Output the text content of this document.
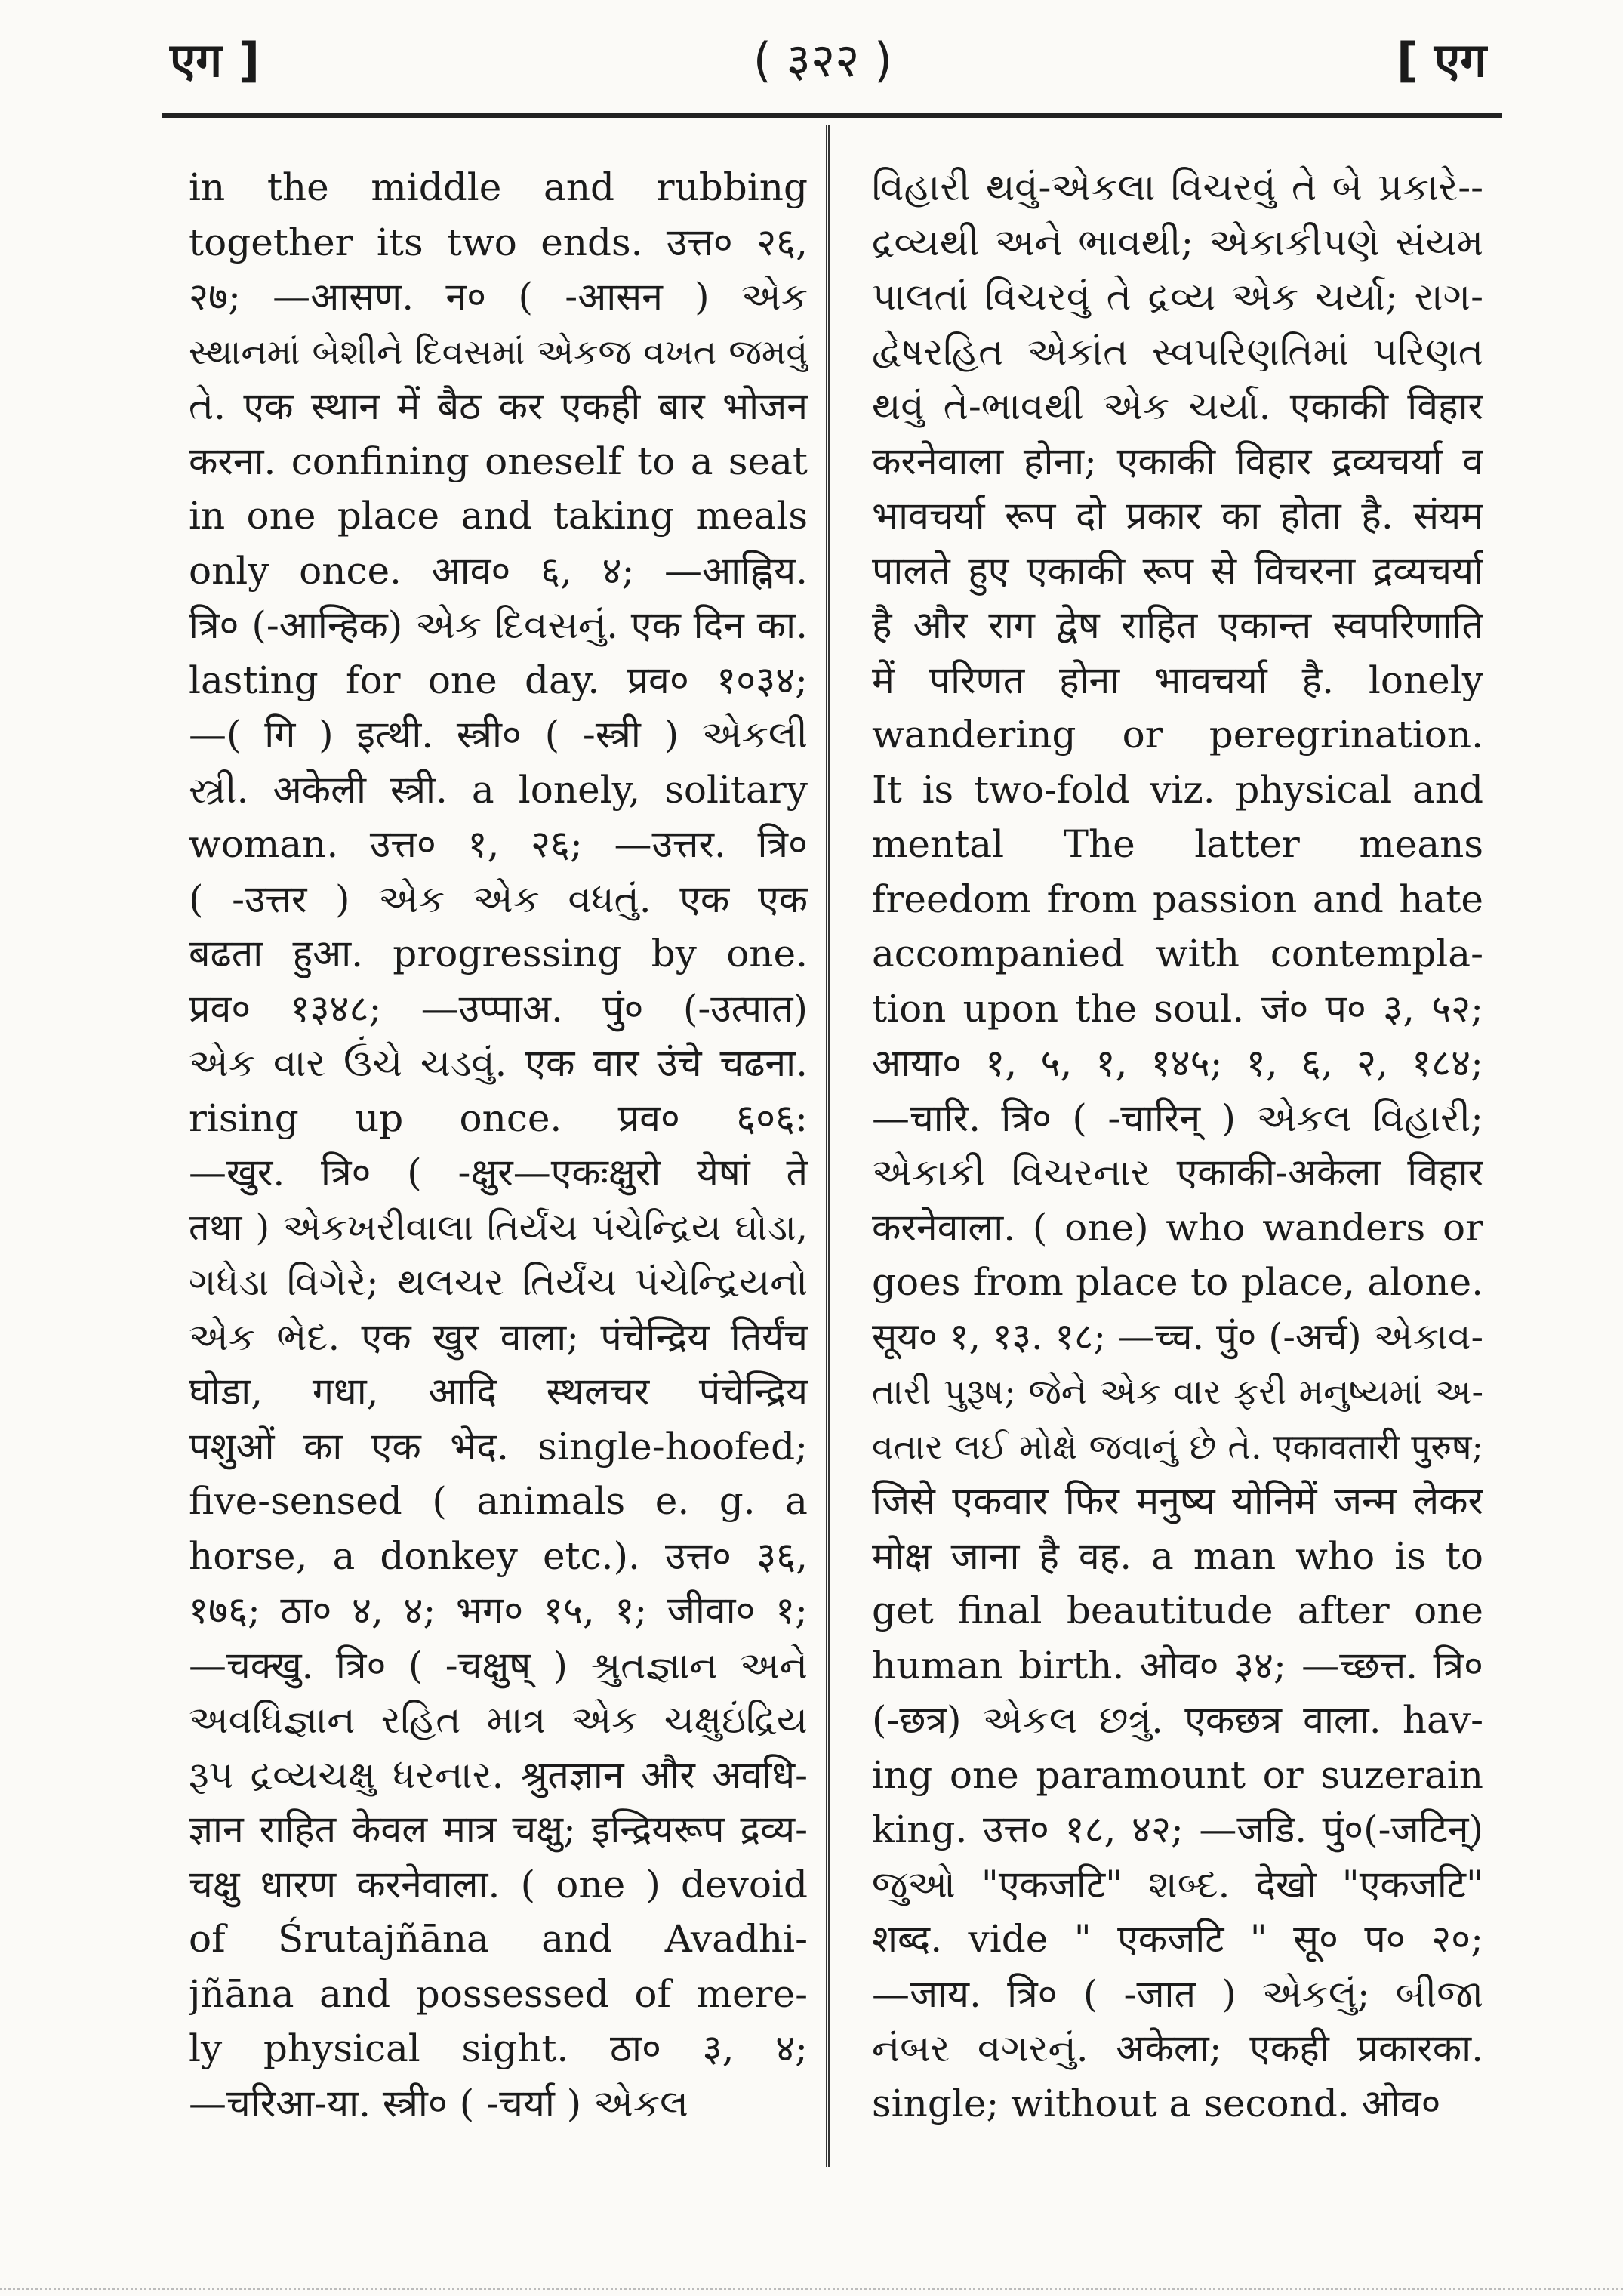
एग ]	( ३२२ )	[ एग
in the middle and rubbing
together its two ends. उत्त० २६,
२७; —आसण. न० ( -आसन ) એક
સ્થાનમાં બેશીને દિવસમાં એકજ વખત જમવું
તે. एक स्थान में बैठ कर एकही बार भोजन
करना. confining oneself to a seat
in one place and taking meals
only once. आव० ६, ४; —आह्निय.
त्रि० (-आन्हिक) એક દિવસનું. एक दिन का.
lasting for one day. प्रव० १०३४;
—( गि ) इत्थी. स्त्री० ( -स्त्री ) એકલી
સ્ત્રી. अकेली स्त्री. a lonely, solitary
woman. उत्त० १, २६; —उत्तर. त्रि०
( -उत्तर ) એક એક વધતું. एक एक
बढता हुआ. progressing by one.
प्रव० १३४८; —उप्पाअ. पुं० (-उत्पात)
એક વાર ઉંચે ચડવું. एक वार उंचे चढना.
rising up once. प्रव० ६०६:
—खुर. त्रि० ( -क्षुर—एकःक्षुरो येषां ते
तथा ) એકખરીવાલા તિર્યંચ પંચેન્દ્રિય ઘોડા,
ગધેડા વિગેરે; થલચર તિર્યંચ પંચેન્દ્રિયનો
એક ભેદ. एक खुर वाला; पंचेन्द्रिय तिर्यंच
घोडा, गधा, आदि स्थलचर पंचेन्द्रिय
पशुओं का एक भेद. single-hoofed;
five-sensed ( animals e. g. a
horse, a donkey etc.). उत्त० ३६,
१७६; ठा० ४, ४; भग० १५, १; जीवा० १;
—चक्खु. त्रि० ( -चक्षुष् ) શ્રુતજ્ઞાન અને
અવધિજ્ઞાન રહિત માત્ર એક ચક્ષુઇંદ્રિય
રૂપ દ્રવ્યચક્ષુ ધરનાર. श्रुतज्ञान और अवधि-
ज्ञान राहित केवल मात्र चक्षु; इन्द्रियरूप द्रव्य-
चक्षु धारण करनेवाला. ( one ) devoid
of Śrutajñāna and Avadhi-
jñāna and possessed of mere-
ly physical sight. ठा० ३, ४;
—चरिआ-या. स्त्री० ( -चर्या ) એકલ
વિહારી થવું-એકલા વિચરવું તે બે પ્રકારે--
દ્રવ્યથી અને ભાવથી; એકાકીપણે સંયમ
પાલતાં વિચરવું તે દ્રવ્ય એક ચર્યા; રાગ-
દ્વેષરહિત એકાંત સ્વપરિણતિમાં પરિણત
થવું તે-ભાવથી એક ચર્યા. एकाकी विहार
करनेवाला होना; एकाकी विहार द्रव्यचर्या व
भावचर्या रूप दो प्रकार का होता है. संयम
पालते हुए एकाकी रूप से विचरना द्रव्यचर्या
है और राग द्वेष राहित एकान्त स्वपरिणाति
में परिणत होना भावचर्या है. lonely
wandering or peregrination.
It is two-fold viz. physical and
mental The latter means
freedom from passion and hate
accompanied with contempla-
tion upon the soul. जं० प० ३, ५२;
आया० १, ५, १, १४५; १, ६, २, १८४;
—चारि. त्रि० ( -चारिन् ) એકલ વિહારી;
એકાકી વિચરનાર एकाकी-अकेला विहार
करनेवाला. ( one) who wanders or
goes from place to place, alone.
सूय० १, १३. १८; —च्च. पुं० (-अर्च) એકાવ-
તારી પુરૂષ; જેને એક વાર ફરી મનુષ્યમાં અ-
વતાર લઈ મોક્ષે જવાનું છે તે. एकावतारी पुरुष;
जिसे एकवार फिर मनुष्य योनिमें जन्म लेकर
मोक्ष जाना है वह. a man who is to
get final beautitude after one
human birth. ओव० ३४; —च्छत्त. त्रि०
(-छत्र) એકલ છત્રું. एकछत्र वाला. hav-
ing one paramount or suzerain
king. उत्त० १८, ४२; —जडि. पुं०(-जटिन्)
જુઓ "एकजटि" શબ્દ. देखो "एकजटि"
शब्द. vide " एकजटि " सू० प० २०;
—जाय. त्रि० ( -जात ) એકલું; બીજા
નંબર વગરનું. अकेला; एकही प्रकारका.
single; without a second. ओव०
